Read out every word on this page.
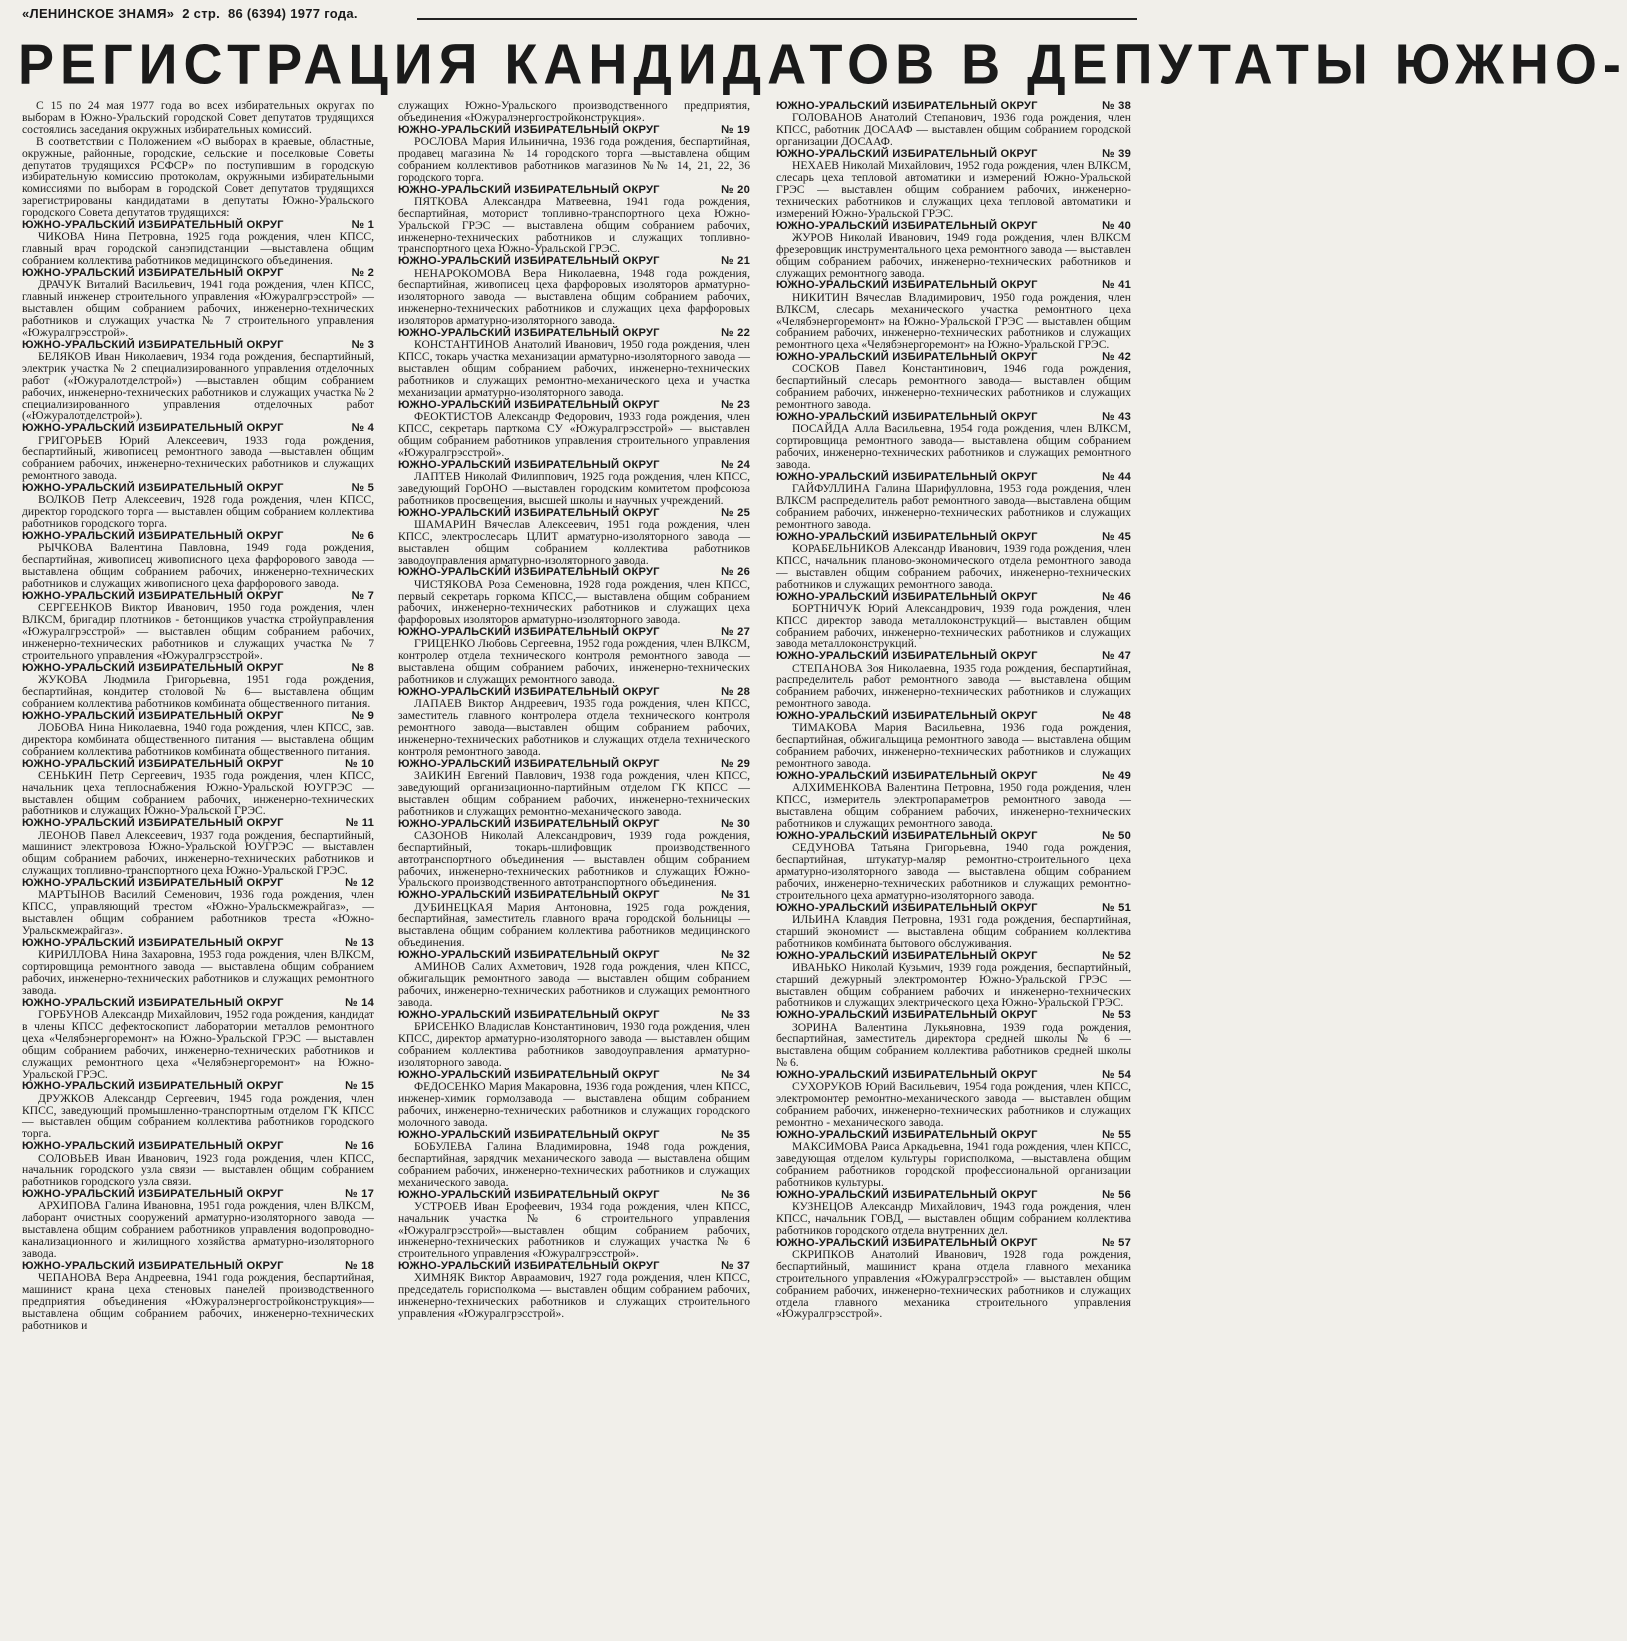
«ЛЕНИНСКОЕ ЗНАМЯ» 2 стр. 86 (6394) 1977 года.
РЕГИСТРАЦИЯ КАНДИДАТОВ В ДЕПУТАТЫ ЮЖНО-

С 15 по 24 мая 1977 года во всех избирательных округах по выборам в Южно-Уральский городской Совет депутатов трудящихся состоялись заседания окружных избирательных комиссий.

В соответствии с Положением «О выборах в краевые, областные, окружные, районные, городские, сельские и поселковые Советы депутатов трудящихся РСФСР» по поступившим в городскую избирательную комиссию протоколам, окружными избирательными комиссиями по выборам в городской Совет депутатов трудящихся зарегистрированы кандидатами в депутаты Южно-Уральского городского Совета депутатов трудящихся:

ЮЖНО-УРАЛЬСКИЙ ИЗБИРАТЕЛЬНЫЙ ОКРУГ	№ 1

ЧИКОВА Нина Петровна, 1925 года рождения, член КПСС, главный врач городской санэпидстанции —выставлена общим собранием коллектива работников медицинского объединения.

ЮЖНО-УРАЛЬСКИЙ ИЗБИРАТЕЛЬНЫЙ ОКРУГ	№ 2

ДРАЧУК Виталий Васильевич, 1941 года рождения, член КПСС, главный инженер строительного управления «Южуралгрэсстрой» — выставлен общим собранием рабочих, инженерно-технических работников и служащих участка № 7 строительного управления «Южуралгрэсстрой».

ЮЖНО-УРАЛЬСКИЙ ИЗБИРАТЕЛЬНЫЙ ОКРУГ	№ 3

БЕЛЯКОВ Иван Николаевич, 1934 года рождения, беспартийный, электрик участка № 2 специализированного управления отделочных работ («Южуралотделстрой») —выставлен общим собранием рабочих, инженерно-технических работников и служащих участка № 2 специализированного управления отделочных работ («Южуралотделстрой»).

ЮЖНО-УРАЛЬСКИЙ ИЗБИРАТЕЛЬНЫЙ ОКРУГ	№ 4

ГРИГОРЬЕВ Юрий Алексеевич, 1933 года рождения, беспартийный, живописец ремонтного завода —выставлен общим собранием рабочих, инженерно-технических работников и служащих ремонтного завода.

ЮЖНО-УРАЛЬСКИЙ ИЗБИРАТЕЛЬНЫЙ ОКРУГ	№ 5

ВОЛКОВ Петр Алексеевич, 1928 года рождения, член КПСС, директор городского торга — выставлен общим собранием коллектива работников городского торга.

ЮЖНО-УРАЛЬСКИЙ ИЗБИРАТЕЛЬНЫЙ ОКРУГ	№ 6

РЫЧКОВА Валентина Павловна, 1949 года рождения, беспартийная, живописец живописного цеха фарфорового завода — выставлена общим собранием рабочих, инженерно-технических работников и служащих живописного цеха фарфорового завода.

ЮЖНО-УРАЛЬСКИЙ ИЗБИРАТЕЛЬНЫЙ ОКРУГ	№ 7

СЕРГЕЕНКОВ Виктор Иванович, 1950 года рождения, член ВЛКСМ, бригадир плотников - бетонщиков участка стройуправления «Южуралгрэсстрой» — выставлен общим собранием рабочих, инженерно-технических работников и служащих участка № 7 строительного управления «Южуралгрэсстрой».

ЮЖНО-УРАЛЬСКИЙ ИЗБИРАТЕЛЬНЫЙ ОКРУГ	№ 8

ЖУКОВА Людмила Григорьевна, 1951 года рождения, беспартийная, кондитер столовой № 6— выставлена общим собранием коллектива работников комбината общественного питания.

ЮЖНО-УРАЛЬСКИЙ ИЗБИРАТЕЛЬНЫЙ ОКРУГ	№ 9

ЛОБОВА Нина Николаевна, 1940 года рождения, член КПСС, зав. директора комбината общественного питания — выставлена общим собранием коллектива работников комбината общественного питания.

ЮЖНО-УРАЛЬСКИЙ ИЗБИРАТЕЛЬНЫЙ ОКРУГ	№ 10

СЕНЬКИН Петр Сергеевич, 1935 года рождения, член КПСС, начальник цеха теплоснабжения Южно-Уральской ЮУГРЭС — выставлен общим собранием рабочих, инженерно-технических работников и служащих Южно-Уральской ГРЭС.

ЮЖНО-УРАЛЬСКИЙ ИЗБИРАТЕЛЬНЫЙ ОКРУГ	№ 11

ЛЕОНОВ Павел Алексеевич, 1937 года рождения, беспартийный, машинист электровоза Южно-Уральской ЮУГРЭС — выставлен общим собранием рабочих, инженерно-технических работников и служащих топливно-транспортного цеха Южно-Уральской ГРЭС.

ЮЖНО-УРАЛЬСКИЙ ИЗБИРАТЕЛЬНЫЙ ОКРУГ	№ 12

МАРТЫНОВ Василий Семенович, 1936 года рождения, член КПСС, управляющий трестом «Южно-Уральскмежрайгаз», — выставлен общим собранием работников треста «Южно-Уральскмежрайгаз».

ЮЖНО-УРАЛЬСКИЙ ИЗБИРАТЕЛЬНЫЙ ОКРУГ	№ 13

КИРИЛЛОВА Нина Захаровна, 1953 года рождения, член ВЛКСМ, сортировщица ремонтного завода — выставлена общим собранием рабочих, инженерно-технических работников и служащих ремонтного завода.

ЮЖНО-УРАЛЬСКИЙ ИЗБИРАТЕЛЬНЫЙ ОКРУГ	№ 14

ГОРБУНОВ Александр Михайлович, 1952 года рождения, кандидат в члены КПСС дефектоскопист лаборатории металлов ремонтного цеха «Челябэнергоремонт» на Южно-Уральской ГРЭС — выставлен общим собранием рабочих, инженерно-технических работников и служащих ремонтного цеха «Челябэнергоремонт» на Южно-Уральской ГРЭС.

ЮЖНО-УРАЛЬСКИЙ ИЗБИРАТЕЛЬНЫЙ ОКРУГ	№ 15

ДРУЖКОВ Александр Сергеевич, 1945 года рождения, член КПСС, заведующий промышленно-транспортным отделом ГК КПСС — выставлен общим собранием коллектива работников городского торга.

ЮЖНО-УРАЛЬСКИЙ ИЗБИРАТЕЛЬНЫЙ ОКРУГ	№ 16

СОЛОВЬЕВ Иван Иванович, 1923 года рождения, член КПСС, начальник городского узла связи — выставлен общим собранием работников городского узла связи.

ЮЖНО-УРАЛЬСКИЙ ИЗБИРАТЕЛЬНЫЙ ОКРУГ	№ 17

АРХИПОВА Галина Ивановна, 1951 года рождения, член ВЛКСМ, лаборант очистных сооружений арматурно-изоляторного завода — выставлена общим собранием работников управления водопроводно-канализационного и жилищного хозяйства арматурно-изоляторного завода.

ЮЖНО-УРАЛЬСКИЙ ИЗБИРАТЕЛЬНЫЙ ОКРУГ	№ 18

ЧЕПАНОВА Вера Андреевна, 1941 года рождения, беспартийная, машинист крана цеха стеновых панелей производственного предприятия объединения «Южуралэнергостройконструкция»—выставлена общим собранием рабочих, инженерно-технических работников и

служащих Южно-Уральского производственного предприятия, объединения «Южуралэнергостройконструкция».

ЮЖНО-УРАЛЬСКИЙ ИЗБИРАТЕЛЬНЫЙ ОКРУГ	№ 19

РОСЛОВА Мария Ильинична, 1936 года рождения, беспартийная, продавец магазина № 14 городского торга —выставлена общим собранием коллективов работников магазинов №№ 14, 21, 22, 36 городского торга.

ЮЖНО-УРАЛЬСКИЙ ИЗБИРАТЕЛЬНЫЙ ОКРУГ	№ 20

ПЯТКОВА Александра Матвеевна, 1941 года рождения, беспартийная, моторист топливно-транспортного цеха Южно-Уральской ГРЭС — выставлена общим собранием рабочих, инженерно-технических работников и служащих топливно-транспортного цеха Южно-Уральской ГРЭС.

ЮЖНО-УРАЛЬСКИЙ ИЗБИРАТЕЛЬНЫЙ ОКРУГ	№ 21

НЕНАРОКОМОВА Вера Николаевна, 1948 года рождения, беспартийная, живописец цеха фарфоровых изоляторов арматурно-изоляторного завода — выставлена общим собранием рабочих, инженерно-технических работников и служащих цеха фарфоровых изоляторов арматурно-изоляторного завода.

ЮЖНО-УРАЛЬСКИЙ ИЗБИРАТЕЛЬНЫЙ ОКРУГ	№ 22

КОНСТАНТИНОВ Анатолий Иванович, 1950 года рождения, член КПСС, токарь участка механизации арматурно-изоляторного завода — выставлен общим собранием рабочих, инженерно-технических работников и служащих ремонтно-механического цеха и участка механизации арматурно-изоляторного завода.

ЮЖНО-УРАЛЬСКИЙ ИЗБИРАТЕЛЬНЫЙ ОКРУГ	№ 23

ФЕОКТИСТОВ Александр Федорович, 1933 года рождения, член КПСС, секретарь парткома СУ «Южуралгрэсстрой» — выставлен общим собранием работников управления строительного управления «Южуралгрэсстрой».

ЮЖНО-УРАЛЬСКИЙ ИЗБИРАТЕЛЬНЫЙ ОКРУГ	№ 24

ЛАПТЕВ Николай Филиппович, 1925 года рождения, член КПСС, заведующий ГорОНО —выставлен городским комитетом профсоюза работников просвещения, высшей школы и научных учреждений.

ЮЖНО-УРАЛЬСКИЙ ИЗБИРАТЕЛЬНЫЙ ОКРУГ	№ 25

ШАМАРИН Вячеслав Алексеевич, 1951 года рождения, член КПСС, электрослесарь ЦЛИТ арматурно-изоляторного завода — выставлен общим собранием коллектива работников заводоуправления арматурно-изоляторного завода.

ЮЖНО-УРАЛЬСКИЙ ИЗБИРАТЕЛЬНЫЙ ОКРУГ	№ 26

ЧИСТЯКОВА Роза Семеновна, 1928 года рождения, член КПСС, первый секретарь горкома КПСС,— выставлена общим собранием рабочих, инженерно-технических работников и служащих цеха фарфоровых изоляторов арматурно-изоляторного завода.

ЮЖНО-УРАЛЬСКИЙ ИЗБИРАТЕЛЬНЫЙ ОКРУГ	№ 27

ГРИЦЕНКО Любовь Сергеевна, 1952 года рождения, член ВЛКСМ, контролер отдела технического контроля ремонтного завода — выставлена общим собранием рабочих, инженерно-технических работников и служащих ремонтного завода.

ЮЖНО-УРАЛЬСКИЙ ИЗБИРАТЕЛЬНЫЙ ОКРУГ	№ 28

ЛАПАЕВ Виктор Андреевич, 1935 года рождения, член КПСС, заместитель главного контролера отдела технического контроля ремонтного завода—выставлен общим собранием рабочих, инженерно-технических работников и служащих отдела технического контроля ремонтного завода.

ЮЖНО-УРАЛЬСКИЙ ИЗБИРАТЕЛЬНЫЙ ОКРУГ	№ 29

ЗАИКИН Евгений Павлович, 1938 года рождения, член КПСС, заведующий организационно-партийным отделом ГК КПСС — выставлен общим собранием рабочих, инженерно-технических работников и служащих ремонтно-механического завода.

ЮЖНО-УРАЛЬСКИЙ ИЗБИРАТЕЛЬНЫЙ ОКРУГ	№ 30

САЗОНОВ Николай Александрович, 1939 года рождения, беспартийный, токарь-шлифовщик производственного автотранспортного объединения — выставлен общим собранием рабочих, инженерно-технических работников и служащих Южно-Уральского производственного автотранспортного объединения.

ЮЖНО-УРАЛЬСКИЙ ИЗБИРАТЕЛЬНЫЙ ОКРУГ	№ 31

ДУБИНЕЦКАЯ Мария Антоновна, 1925 года рождения, беспартийная, заместитель главного врача городской больницы — выставлена общим собранием коллектива работников медицинского объединения.

ЮЖНО-УРАЛЬСКИЙ ИЗБИРАТЕЛЬНЫЙ ОКРУГ	№ 32

АМИНОВ Салих Ахметович, 1928 года рождения, член КПСС, обжигальщик ремонтного завода — выставлен общим собранием рабочих, инженерно-технических работников и служащих ремонтного завода.

ЮЖНО-УРАЛЬСКИЙ ИЗБИРАТЕЛЬНЫЙ ОКРУГ	№ 33

БРИСЕНКО Владислав Константинович, 1930 года рождения, член КПСС, директор арматурно-изоляторного завода — выставлен общим собранием коллектива работников заводоуправления арматурно-изоляторного завода.

ЮЖНО-УРАЛЬСКИЙ ИЗБИРАТЕЛЬНЫЙ ОКРУГ	№ 34

ФЕДОСЕНКО Мария Макаровна, 1936 года рождения, член КПСС, инженер-химик гормолзавода — выставлена общим собранием рабочих, инженерно-технических работников и служащих городского молочного завода.

ЮЖНО-УРАЛЬСКИЙ ИЗБИРАТЕЛЬНЫЙ ОКРУГ	№ 35

БОБУЛЕВА Галина Владимировна, 1948 года рождения, беспартийная, зарядчик механического завода — выставлена общим собранием рабочих, инженерно-технических работников и служащих механического завода.

ЮЖНО-УРАЛЬСКИЙ ИЗБИРАТЕЛЬНЫЙ ОКРУГ	№ 36

УСТРОЕВ Иван Ерофеевич, 1934 года рождения, член КПСС, начальник участка № 6 строительного управления «Южуралгрэсстрой»—выставлен общим собранием рабочих, инженерно-технических работников и служащих участка № 6 строительного управления «Южуралгрэсстрой».

ЮЖНО-УРАЛЬСКИЙ ИЗБИРАТЕЛЬНЫЙ ОКРУГ	№ 37

ХИМНЯК Виктор Авраамович, 1927 года рождения, член КПСС, председатель горисполкома — выставлен общим собранием рабочих, инженерно-технических работников и служащих строительного управления «Южуралгрэсстрой».

ЮЖНО-УРАЛЬСКИЙ ИЗБИРАТЕЛЬНЫЙ ОКРУГ	№ 38

ГОЛОВАНОВ Анатолий Степанович, 1936 года рождения, член КПСС, работник ДОСААФ — выставлен общим собранием городской организации ДОСААФ.

ЮЖНО-УРАЛЬСКИЙ ИЗБИРАТЕЛЬНЫЙ ОКРУГ	№ 39

НЕХАЕВ Николай Михайлович, 1952 года рождения, член ВЛКСМ, слесарь цеха тепловой автоматики и измерений Южно-Уральской ГРЭС — выставлен общим собранием рабочих, инженерно-технических работников и служащих цеха тепловой автоматики и измерений Южно-Уральской ГРЭС.

ЮЖНО-УРАЛЬСКИЙ ИЗБИРАТЕЛЬНЫЙ ОКРУГ	№ 40

ЖУРОВ Николай Иванович, 1949 года рождения, член ВЛКСМ фрезеровщик инструментального цеха ремонтного завода — выставлен общим собранием рабочих, инженерно-технических работников и служащих ремонтного завода.

ЮЖНО-УРАЛЬСКИЙ ИЗБИРАТЕЛЬНЫЙ ОКРУГ	№ 41

НИКИТИН Вячеслав Владимирович, 1950 года рождения, член ВЛКСМ, слесарь механического участка ремонтного цеха «Челябэнергоремонт» на Южно-Уральской ГРЭС — выставлен общим собранием рабочих, инженерно-технических работников и служащих ремонтного цеха «Челябэнергоремонт» на Южно-Уральской ГРЭС.

ЮЖНО-УРАЛЬСКИЙ ИЗБИРАТЕЛЬНЫЙ ОКРУГ	№ 42

СОСКОВ Павел Константинович, 1946 года рождения, беспартийный слесарь ремонтного завода— выставлен общим собранием рабочих, инженерно-технических работников и служащих ремонтного завода.

ЮЖНО-УРАЛЬСКИЙ ИЗБИРАТЕЛЬНЫЙ ОКРУГ	№ 43

ПОСАЙДА Алла Васильевна, 1954 года рождения, член ВЛКСМ, сортировщица ремонтного завода— выставлена общим собранием рабочих, инженерно-технических работников и служащих ремонтного завода.

ЮЖНО-УРАЛЬСКИЙ ИЗБИРАТЕЛЬНЫЙ ОКРУГ	№ 44

ГАЙФУЛЛИНА Галина Шарифулловна, 1953 года рождения, член ВЛКСМ распределитель работ ремонтного завода—выставлена общим собранием рабочих, инженерно-технических работников и служащих ремонтного завода.

ЮЖНО-УРАЛЬСКИЙ ИЗБИРАТЕЛЬНЫЙ ОКРУГ	№ 45

КОРАБЕЛЬНИКОВ Александр Иванович, 1939 года рождения, член КПСС, начальник планово-экономического отдела ремонтного завода — выставлен общим собранием рабочих, инженерно-технических работников и служащих ремонтного завода.

ЮЖНО-УРАЛЬСКИЙ ИЗБИРАТЕЛЬНЫЙ ОКРУГ	№ 46

БОРТНИЧУК Юрий Александрович, 1939 года рождения, член КПСС директор завода металлоконструкций— выставлен общим собранием рабочих, инженерно-технических работников и служащих завода металлоконструкций.

ЮЖНО-УРАЛЬСКИЙ ИЗБИРАТЕЛЬНЫЙ ОКРУГ	№ 47

СТЕПАНОВА Зоя Николаевна, 1935 года рождения, беспартийная, распределитель работ ремонтного завода — выставлена общим собранием рабочих, инженерно-технических работников и служащих ремонтного завода.

ЮЖНО-УРАЛЬСКИЙ ИЗБИРАТЕЛЬНЫЙ ОКРУГ	№ 48

ТИМАКОВА Мария Васильевна, 1936 года рождения, беспартийная, обжигальщица ремонтного завода — выставлена общим собранием рабочих, инженерно-технических работников и служащих ремонтного завода.

ЮЖНО-УРАЛЬСКИЙ ИЗБИРАТЕЛЬНЫЙ ОКРУГ	№ 49

АЛХИМЕНКОВА Валентина Петровна, 1950 года рождения, член КПСС, измеритель электропараметров ремонтного завода — выставлена общим собранием рабочих, инженерно-технических работников и служащих ремонтного завода.

ЮЖНО-УРАЛЬСКИЙ ИЗБИРАТЕЛЬНЫЙ ОКРУГ	№ 50

СЕДУНОВА Татьяна Григорьевна, 1940 года рождения, беспартийная, штукатур-маляр ремонтно-строительного цеха арматурно-изоляторного завода — выставлена общим собранием рабочих, инженерно-технических работников и служащих ремонтно-строительного цеха арматурно-изоляторного завода.

ЮЖНО-УРАЛЬСКИЙ ИЗБИРАТЕЛЬНЫЙ ОКРУГ	№ 51

ИЛЬИНА Клавдия Петровна, 1931 года рождения, беспартийная, старший экономист — выставлена общим собранием коллектива работников комбината бытового обслуживания.

ЮЖНО-УРАЛЬСКИЙ ИЗБИРАТЕЛЬНЫЙ ОКРУГ	№ 52

ИВАНЬКО Николай Кузьмич, 1939 года рождения, беспартийный, старший дежурный электромонтер Южно-Уральской ГРЭС — выставлен общим собранием рабочих и инженерно-технических работников и служащих электрического цеха Южно-Уральской ГРЭС.

ЮЖНО-УРАЛЬСКИЙ ИЗБИРАТЕЛЬНЫЙ ОКРУГ	№ 53

ЗОРИНА Валентина Лукьяновна, 1939 года рождения, беспартийная, заместитель директора средней школы № 6 — выставлена общим собранием коллектива работников средней школы № 6.

ЮЖНО-УРАЛЬСКИЙ ИЗБИРАТЕЛЬНЫЙ ОКРУГ	№ 54

СУХОРУКОВ Юрий Васильевич, 1954 года рождения, член КПСС, электромонтер ремонтно-механического завода — выставлен общим собранием рабочих, инженерно-технических работников и служащих ремонтно - механического завода.

ЮЖНО-УРАЛЬСКИЙ ИЗБИРАТЕЛЬНЫЙ ОКРУГ	№ 55

МАКСИМОВА Раиса Аркадьевна, 1941 года рождения, член КПСС, заведующая отделом культуры горисполкома, —выставлена общим собранием работников городской профессиональной организации работников культуры.

ЮЖНО-УРАЛЬСКИЙ ИЗБИРАТЕЛЬНЫЙ ОКРУГ	№ 56

КУЗНЕЦОВ Александр Михайлович, 1943 года рождения, член КПСС, начальник ГОВД, — выставлен общим собранием коллектива работников городского отдела внутренних дел.

ЮЖНО-УРАЛЬСКИЙ ИЗБИРАТЕЛЬНЫЙ ОКРУГ	№ 57

СКРИПКОВ Анатолий Иванович, 1928 года рождения, беспартийный, машинист крана отдела главного механика строительного управления «Южуралгрэсстрой» — выставлен общим собранием рабочих, инженерно-технических работников и служащих отдела главного механика строительного управления «Южуралгрэсстрой».
